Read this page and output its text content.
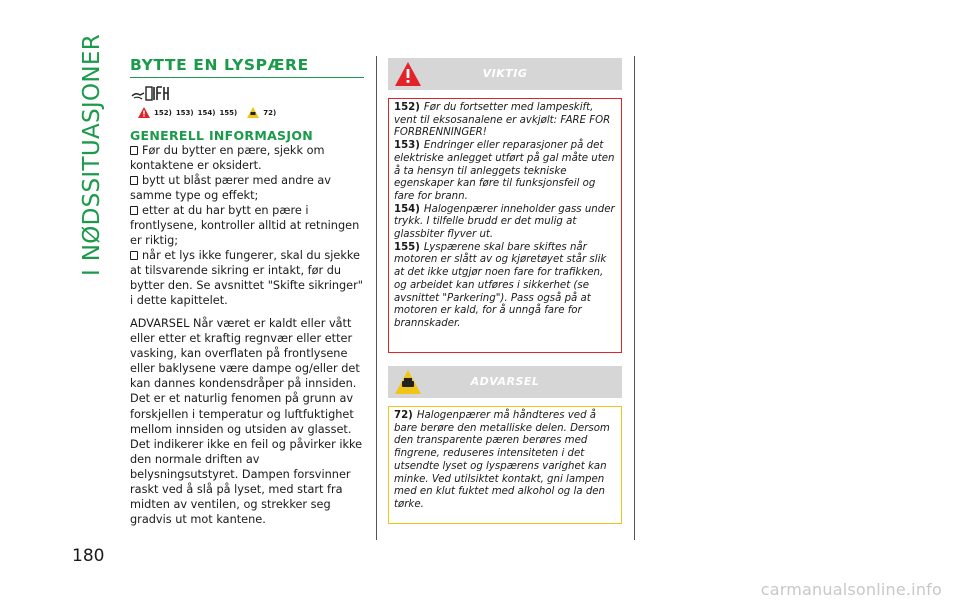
I NØDSSITUASJONER
180
BYTTE EN LYSPÆRE
152) 153) 154) 155)	72)
GENERELL INFORMASJON
Før du bytter en pære, sjekk om kontaktene er oksidert.
bytt ut blåst pærer med andre av samme type og effekt;
etter at du har bytt en pære i frontlysene, kontroller alltid at retningen er riktig;
når et lys ikke fungerer, skal du sjekke at tilsvarende sikring er intakt, før du bytter den. Se avsnittet "Skifte sikringer" i dette kapittelet.

ADVARSEL Når været er kaldt eller vått eller etter et kraftig regnvær eller etter vasking, kan overflaten på frontlysene eller baklysene være dampe og/eller det kan dannes kondensdråper på innsiden. Det er et naturlig fenomen på grunn av forskjellen i temperatur og luftfuktighet mellom innsiden og utsiden av glasset. Det indikerer ikke en feil og påvirker ikke den normale driften av belysningsutstyret. Dampen forsvinner raskt ved å slå på lyset, med start fra midten av ventilen, og strekker seg gradvis ut mot kantene.

VIKTIG

152) Før du fortsetter med lampeskift, vent til eksosanalene er avkjølt: FARE FOR FORBRENNINGER!

153) Endringer eller reparasjoner på det elektriske anlegget utført på gal måte uten å ta hensyn til anleggets tekniske egenskaper kan føre til funksjonsfeil og fare for brann.

154) Halogenpærer inneholder gass under trykk. I tilfelle brudd er det mulig at glassbiter flyver ut.

155) Lyspærene skal bare skiftes når motoren er slått av og kjøretøyet står slik at det ikke utgjør noen fare for trafikken, og arbeidet kan utføres i sikkerhet (se avsnittet "Parkering"). Pass også på at motoren er kald, for å unngå fare for brannskader.

ADVARSEL

72) Halogenpærer må håndteres ved å bare berøre den metalliske delen. Dersom den transparente pæren berøres med fingrene, reduseres intensiteten i det utsendte lyset og lyspærens varighet kan minke. Ved utilsiktet kontakt, gni lampen med en klut fuktet med alkohol og la den tørke.

carmanualsonline.info
